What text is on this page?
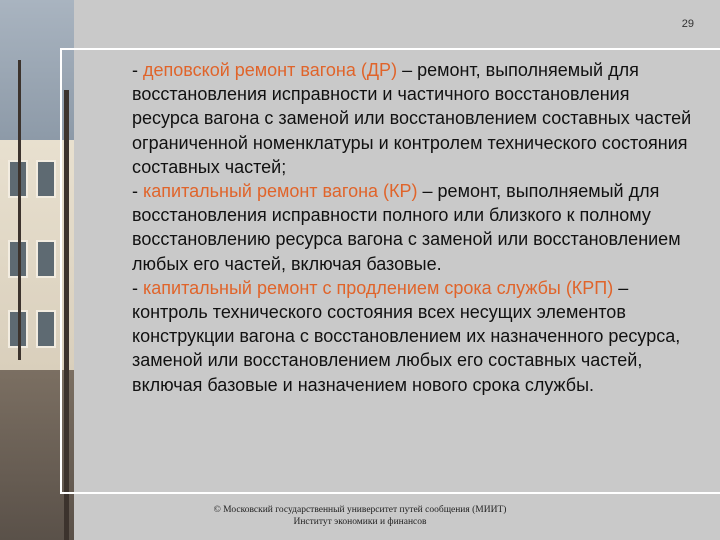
29

- деповской ремонт вагона (ДР) – ремонт, выполняемый для восстановления исправности и частичного восстановления ресурса вагона с заменой или восстановлением составных частей ограниченной номенклатуры и контролем технического состояния составных частей;

- капитальный ремонт вагона (КР) – ремонт, выполняемый для восстановления исправности полного или близкого к полному восстановлению ресурса вагона с заменой или восстановлением любых его частей, включая базовые.

- капитальный ремонт с продлением срока службы (КРП) – контроль технического состояния всех несущих элементов конструкции вагона с восстановлением их назначенного ресурса, заменой или восстановлением любых его составных частей, включая базовые и назначением нового срока службы.

© Московский государственный университет путей сообщения (МИИТ)
Институт экономики и финансов
